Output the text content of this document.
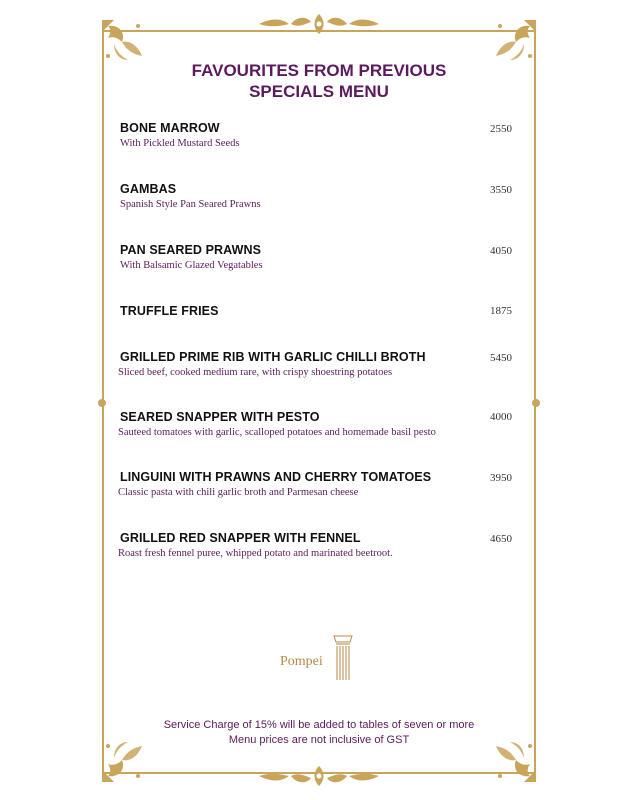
FAVOURITES FROM PREVIOUS
SPECIALS MENU
BONE MARROW
With Pickled Mustard Seeds
2550
GAMBAS
Spanish Style Pan Seared Prawns
3550
PAN SEARED PRAWNS
With Balsamic Glazed Vegatables
4050
TRUFFLE FRIES	1875
GRILLED PRIME RIB WITH GARLIC CHILLI BROTH
Sliced beef, cooked medium rare, with crispy shoestring potatoes
5450
SEARED SNAPPER WITH PESTO
Sauteed tomatoes with garlic, scalloped potatoes and homemade basil pesto
4000
LINGUINI WITH PRAWNS AND CHERRY TOMATOES
Classic pasta with chili garlic broth and Parmesan cheese
3950
GRILLED RED SNAPPER WITH FENNEL
Roast fresh fennel puree, whipped potato and marinated beetroot.
4650
Pompei
Service Charge of 15% will be added to tables of seven or more
Menu prices are not inclusive of GST
